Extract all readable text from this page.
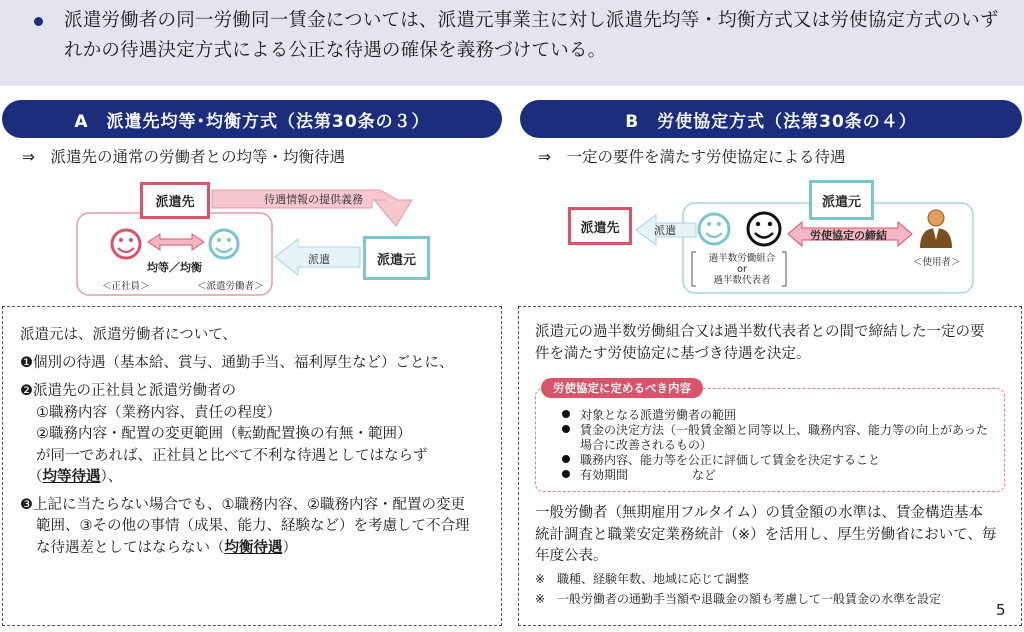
派遣労働者の同一労働同一賃金については、派遣元事業主に対し派遣先均等・均衡方式又は労使協定方式のいずれかの待遇決定方式による公正な待遇の確保を義務づけている。
A　派遣先均等･均衡方式（法第30条の３）
⇒　派遣先の通常の労働者との均等・均衡待遇
B　労使協定方式（法第30条の４）
⇒　一定の要件を満たす労使協定による待遇
派遣先
派遣元
待遇情報の提供義務
派遣
均等／均衡
＜正社員＞	＜派遣労働者＞
派遣先
派遣元
派遣	労使協定の締結
過半数労働組合
or
過半数代表者
＜使用者＞
派遣元は、派遣労働者について、
❶個別の待遇（基本給、賞与、通勤手当、福利厚生など）ごとに、
❷派遣先の正社員と派遣労働者の
①職務内容（業務内容、責任の程度）
②職務内容・配置の変更範囲（転勤配置換の有無・範囲）
が同一であれば、正社員と比べて不利な待遇としてはならず
（均等待遇）、
❸上記に当たらない場合でも、①職務内容、②職務内容・配置の変更
範囲、③その他の事情（成果、能力、経験など）を考慮して不合理
な待遇差としてはならない（均衡待遇）
派遣元の過半数労働組合又は過半数代表者との間で締結した一定の要
件を満たす労使協定に基づき待遇を決定。
労使協定に定めるべき内容
対象となる派遣労働者の範囲
賃金の決定方法（一般賃金額と同等以上、職務内容、能力等の向上があった
場合に改善されるもの）
職務内容、能力等を公正に評価して賃金を決定すること
有効期間	など
一般労働者（無期雇用フルタイム）の賃金額の水準は、賃金構造基本
統計調査と職業安定業務統計（※）を活用し、厚生労働省において、毎
年度公表。
※　職種、経験年数、地域に応じて調整
※　一般労働者の通勤手当額や退職金の額も考慮して一般賃金の水準を設定
5
